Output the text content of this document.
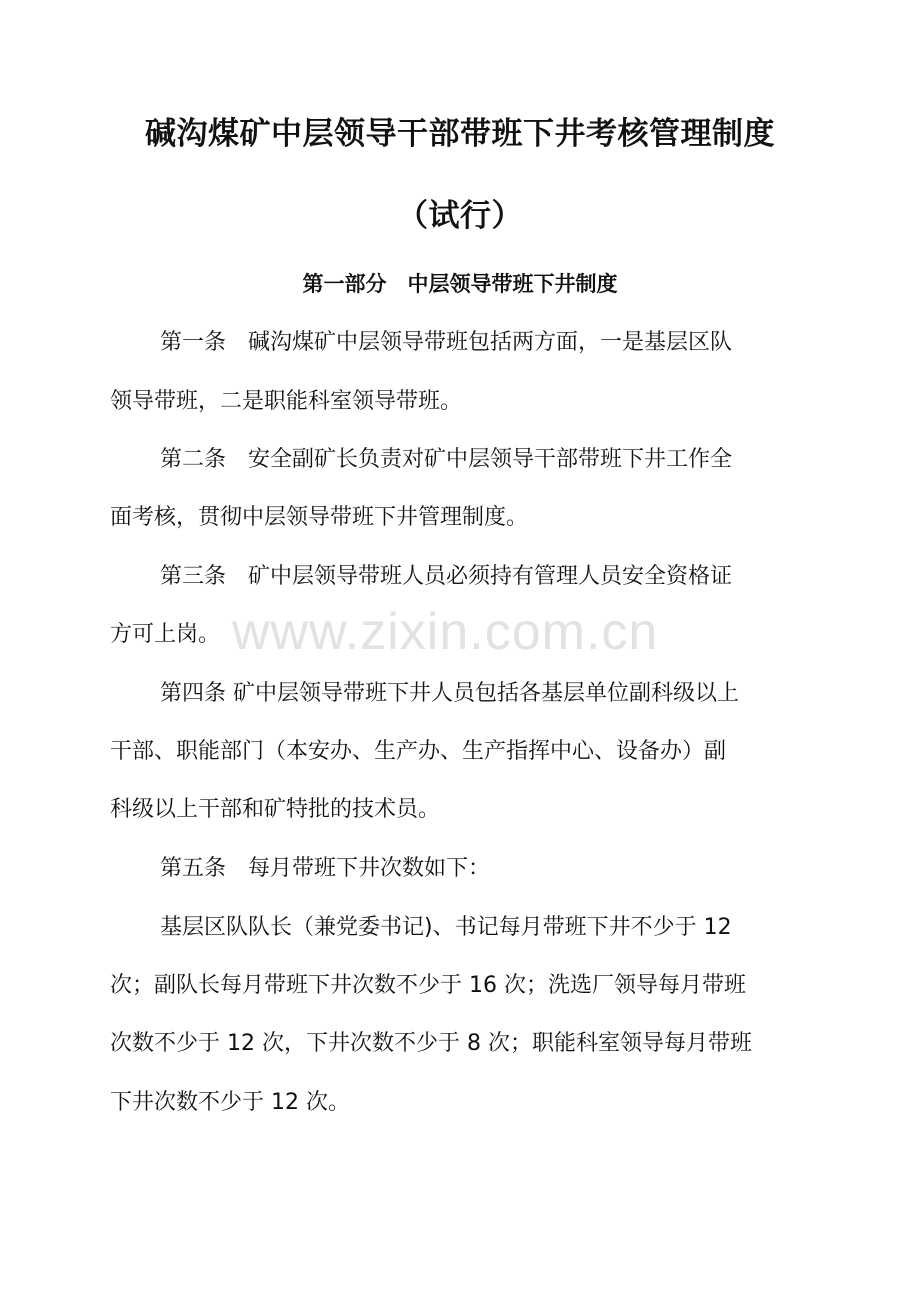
碱沟煤矿中层领导干部带班下井考核管理制度
（试行）
第一部分　中层领导带班下井制度
第一条　碱沟煤矿中层领导带班包括两方面，一是基层区队
领导带班，二是职能科室领导带班。
第二条　安全副矿长负责对矿中层领导干部带班下井工作全
面考核，贯彻中层领导带班下井管理制度。
第三条　矿中层领导带班人员必须持有管理人员安全资格证
方可上岗。
第四条 矿中层领导带班下井人员包括各基层单位副科级以上
干部、职能部门（本安办、生产办、生产指挥中心、设备办）副
科级以上干部和矿特批的技术员。
第五条　每月带班下井次数如下：
基层区队队长（兼党委书记)、书记每月带班下井不少于 12
次；副队长每月带班下井次数不少于 16 次；洗选厂领导每月带班
次数不少于 12 次，下井次数不少于 8 次；职能科室领导每月带班
下井次数不少于 12 次。
www.zixin.com.cn
